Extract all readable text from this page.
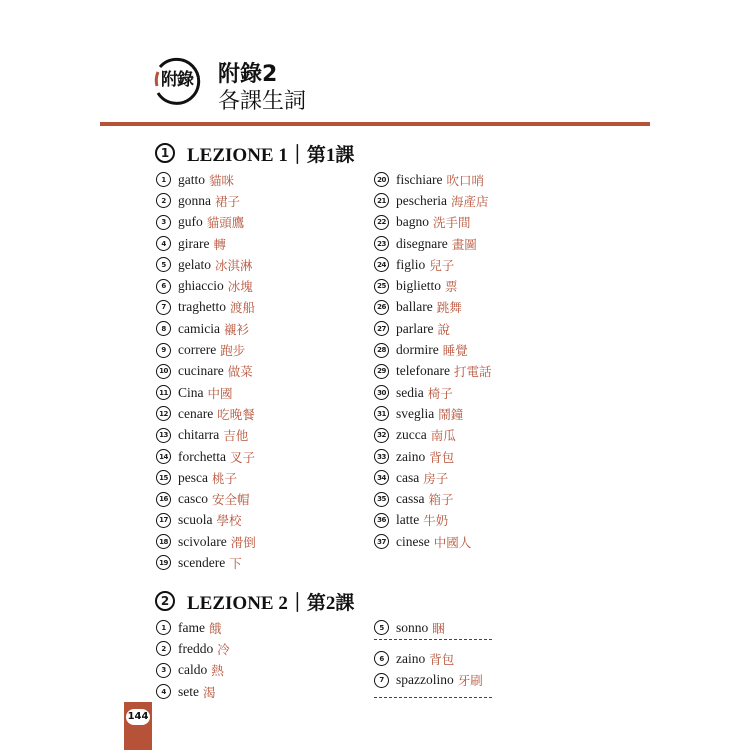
附錄	附錄2
各課生詞
1 LEZIONE 1｜第1課
1 gatto 貓咪
2 gonna 裙子
3 gufo 貓頭鷹
4 girare 轉
5 gelato 冰淇淋
6 ghiaccio 冰塊
7 traghetto 渡船
8 camicia 襯衫
9 correre 跑步
10 cucinare 做菜
11 Cina 中國
12 cenare 吃晚餐
13 chitarra 吉他
14 forchetta 叉子
15 pesca 桃子
16 casco 安全帽
17 scuola 學校
18 scivolare 滑倒
19 scendere 下
20 fischiare 吹口哨
21 pescheria 海產店
22 bagno 洗手間
23 disegnare 畫圖
24 figlio 兒子
25 biglietto 票
26 ballare 跳舞
27 parlare 說
28 dormire 睡覺
29 telefonare 打電話
30 sedia 椅子
31 sveglia 鬧鐘
32 zucca 南瓜
33 zaino 背包
34 casa 房子
35 cassa 箱子
36 latte 牛奶
37 cinese 中國人
2 LEZIONE 2｜第2課
1 fame 餓
2 freddo 冷
3 caldo 熱
4 sete 渴
5 sonno 睏
6 zaino 背包
7 spazzolino 牙刷
144
